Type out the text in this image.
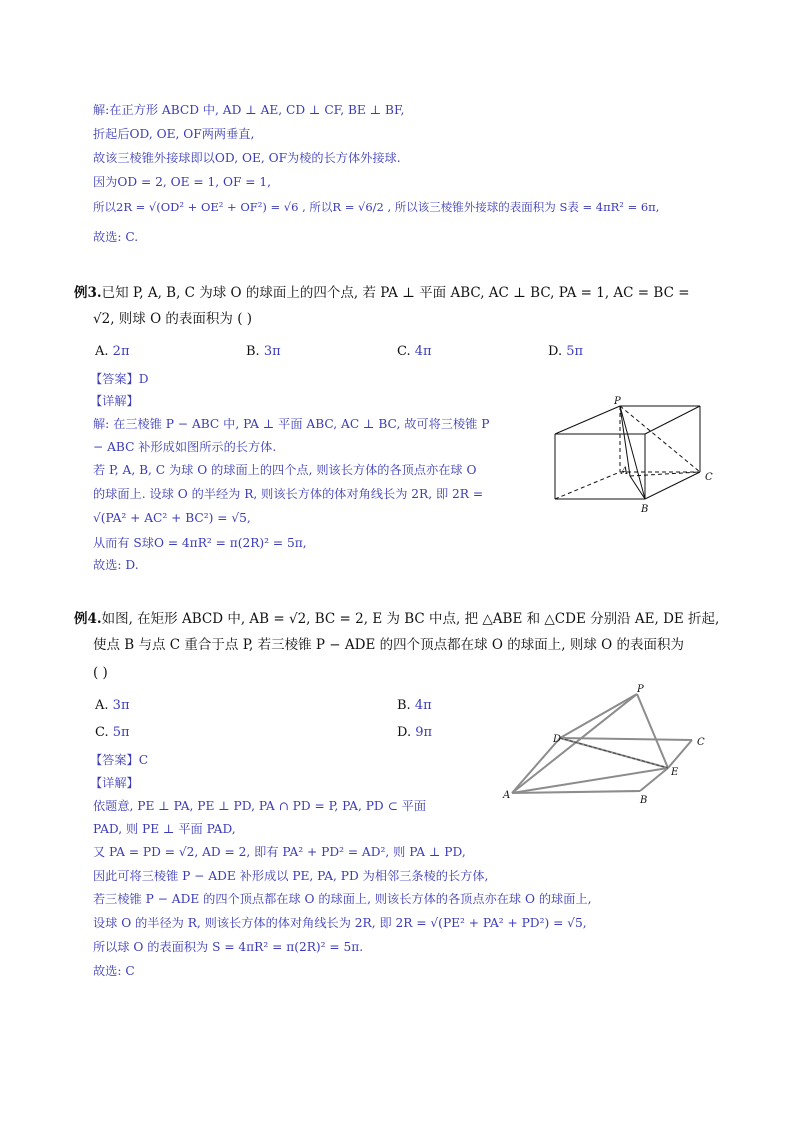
解:在正方形 ABCD 中, AD ⊥ AE, CD ⊥ CF, BE ⊥ BF,
折起后OD, OE, OF两两垂直,
故该三棱锥外接球即以OD, OE, OF为棱的长方体外接球.
因为OD = 2, OE = 1, OF = 1,
所以2R = √(OD² + OE² + OF²) = √6 , 所以R = √6/2 , 所以该三棱锥外接球的表面积为 S表 = 4πR² = 6π,
故选: C.
例3.已知 P, A, B, C 为球 O 的球面上的四个点, 若 PA ⊥ 平面 ABC, AC ⊥ BC, PA = 1, AC = BC =
√2, 则球 O 的表面积为 ( )
A. 2π	B. 3π	C. 4π	D. 5π
【答案】D
【详解】
解: 在三棱锥 P − ABC 中, PA ⊥ 平面 ABC, AC ⊥ BC, 故可将三棱锥 P
− ABC 补形成如图所示的长方体.
若 P, A, B, C 为球 O 的球面上的四个点, 则该长方体的各顶点亦在球 O
的球面上. 设球 O 的半经为 R, 则该长方体的体对角线长为 2R, 即 2R =
√(PA² + AC² + BC²) = √5,
从而有 S球O = 4πR² = π(2R)² = 5π,
故选: D.
P
A
C
B
例4.如图, 在矩形 ABCD 中, AB = √2, BC = 2, E 为 BC 中点, 把 △ABE 和 △CDE 分别沿 AE, DE 折起,
使点 B 与点 C 重合于点 P, 若三棱锥 P − ADE 的四个顶点都在球 O 的球面上, 则球 O 的表面积为
( )
A. 3π	B. 4π
C. 5π	D. 9π
【答案】C
【详解】
依题意, PE ⊥ PA, PE ⊥ PD, PA ∩ PD = P, PA, PD ⊂ 平面
PAD, 则 PE ⊥ 平面 PAD,
又 PA = PD = √2, AD = 2, 即有 PA² + PD² = AD², 则 PA ⊥ PD,
因此可将三棱锥 P − ADE 补形成以 PE, PA, PD 为相邻三条棱的长方体,
若三棱锥 P − ADE 的四个顶点都在球 O 的球面上, 则该长方体的各顶点亦在球 O 的球面上,
设球 O 的半径为 R, 则该长方体的体对角线长为 2R, 即 2R = √(PE² + PA² + PD²) = √5,
所以球 O 的表面积为 S = 4πR² = π(2R)² = 5π.
故选: C
P
D	C
E
A	B
